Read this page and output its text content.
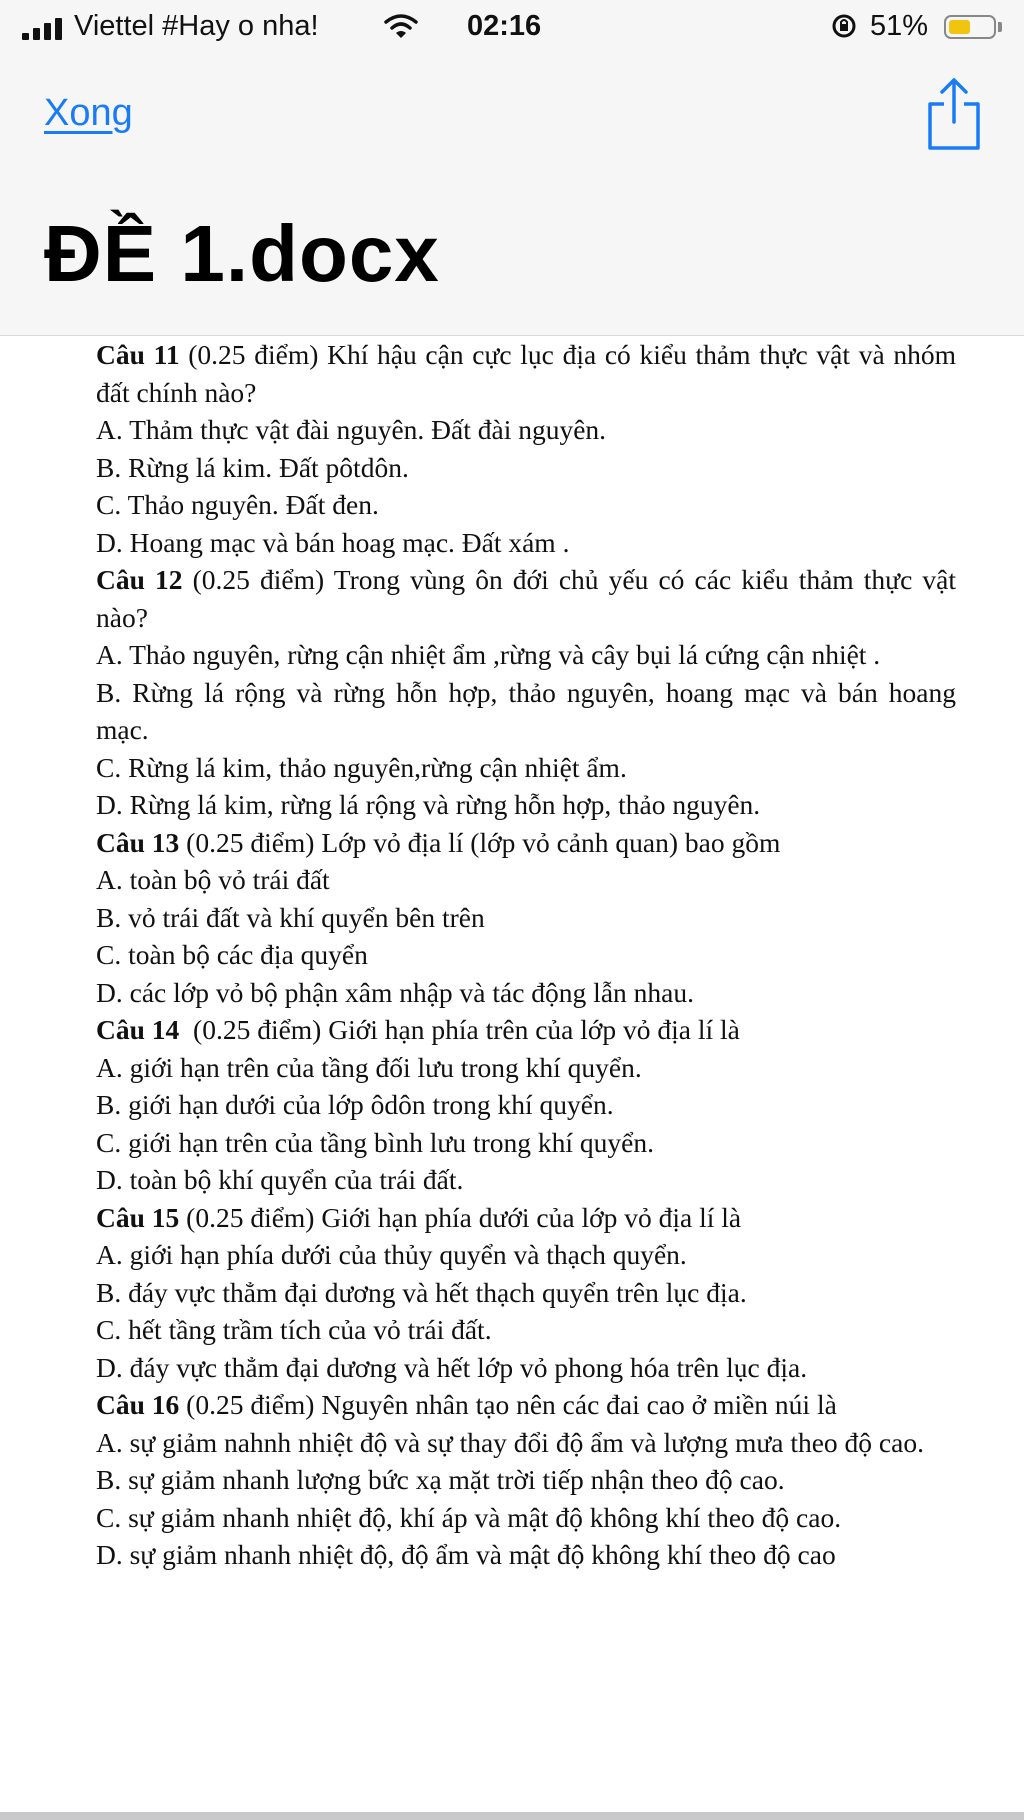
Viettel #Hay o nha!	02:16	51%
Xong
ĐỀ 1.docx

Câu 11 (0.25 điểm) Khí hậu cận cực lục địa có kiểu thảm thực vật và nhóm đất chính nào?

A. Thảm thực vật đài nguyên. Đất đài nguyên.

B. Rừng lá kim. Đất pôtdôn.

C. Thảo nguyên. Đất đen.

D. Hoang mạc và bán hoag mạc. Đất xám .

Câu 12 (0.25 điểm) Trong vùng ôn đới chủ yếu có các kiểu thảm thực vật nào?

A. Thảo nguyên, rừng cận nhiệt ẩm ,rừng và cây bụi lá cứng cận nhiệt .

B. Rừng lá rộng và rừng hỗn hợp, thảo nguyên, hoang mạc và bán hoang mạc.

C. Rừng lá kim, thảo nguyên,rừng cận nhiệt ẩm.

D. Rừng lá kim, rừng lá rộng và rừng hỗn hợp, thảo nguyên.

Câu 13 (0.25 điểm) Lớp vỏ địa lí (lớp vỏ cảnh quan) bao gồm

A. toàn bộ vỏ trái đất

B. vỏ trái đất và khí quyển bên trên

C. toàn bộ các địa quyển

D. các lớp vỏ bộ phận xâm nhập và tác động lẫn nhau.

Câu 14  (0.25 điểm) Giới hạn phía trên của lớp vỏ địa lí là

A. giới hạn trên của tầng đối lưu trong khí quyển.

B. giới hạn dưới của lớp ôdôn trong khí quyển.

C. giới hạn trên của tầng bình lưu trong khí quyển.

D. toàn bộ khí quyển của trái đất.

Câu 15 (0.25 điểm) Giới hạn phía dưới của lớp vỏ địa lí là

A. giới hạn phía dưới của thủy quyển và thạch quyển.

B. đáy vực thẳm đại dương và hết thạch quyển trên lục địa.

C. hết tầng trầm tích của vỏ trái đất.

D. đáy vực thẳm đại dương và hết lớp vỏ phong hóa trên lục địa.

Câu 16 (0.25 điểm) Nguyên nhân tạo nên các đai cao ở miền núi là

A. sự giảm nahnh nhiệt độ và sự thay đổi độ ẩm và lượng mưa theo độ cao.

B. sự giảm nhanh lượng bức xạ mặt trời tiếp nhận theo độ cao.

C. sự giảm nhanh nhiệt độ, khí áp và mật độ không khí theo độ cao.

D. sự giảm nhanh nhiệt độ, độ ẩm và mật độ không khí theo độ cao
